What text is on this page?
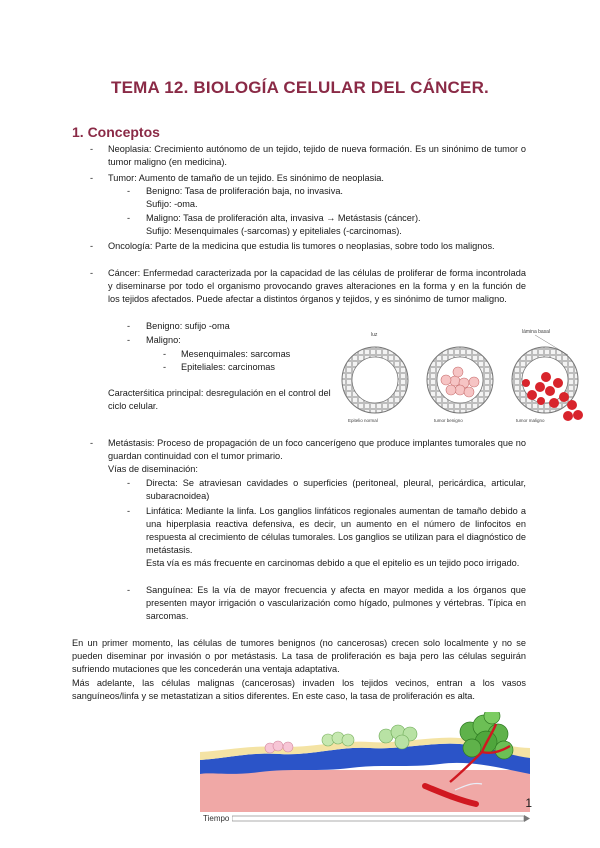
TEMA 12. BIOLOGÍA CELULAR DEL CÁNCER.
1. Conceptos
- Neoplasia: Crecimiento autónomo de un tejido, tejido de nueva formación. Es un sinónimo de tumor o tumor maligno (en medicina).
- Tumor: Aumento de tamaño de un tejido. Es sinónimo de neoplasia.
- Benigno: Tasa de proliferación baja, no invasiva.
Sufijo: -oma.
- Maligno: Tasa de proliferación alta, invasiva → Metástasis (cáncer).
Sufijo: Mesenquimales (-sarcomas) y epiteliales (-carcinomas).
- Oncología: Parte de la medicina que estudia lis tumores o neoplasias, sobre todo los malignos.
- Cáncer: Enfermedad caracterizada por la capacidad de las células de proliferar de forma incontrolada y diseminarse por todo el organismo provocando graves alteraciones en la forma y en la función de los tejidos afectados. Puede afectar a distintos órganos y tejidos, y es sinónimo de tumor maligno.
- Benigno: sufijo -oma
- Maligno:
- Mesenquimales: sarcomas
- Epiteliales: carcinomas
Caracterśitica principal: desregulación en el control del ciclo celular.
luz	lámina basal
Epitelio normal	tumor benigno	tumor maligno
- Metástasis: Proceso de propagación de un foco cancerígeno que produce implantes tumorales que no guardan continuidad con el tumor primario.
Vías de diseminación:
- Directa: Se atraviesan cavidades o superficies (peritoneal, pleural, pericárdica, articular, subaracnoidea)
- Linfática: Mediante la linfa. Los ganglios linfáticos regionales aumentan de tamaño debido a una hiperplasia reactiva defensiva, es decir, un aumento en el número de linfocitos en respuesta al crecimiento de células tumorales. Los ganglios se utilizan para el diagnóstico de metástasis.
Esta vía es más frecuente en carcinomas debido a que el epitelio es un tejido poco irrigado.
- Sanguínea: Es la vía de mayor frecuencia y afecta en mayor medida a los órganos que presenten mayor irrigación o vascularización como hígado, pulmones y vértebras. Típica en sarcomas.
En un primer momento, las células de tumores benignos (no cancerosas) crecen solo localmente y no se pueden diseminar por invasión o por metástasis. La tasa de proliferación es baja pero las células seguirán sufriendo mutaciones que les concederán una ventaja adaptativa.
Más adelante, las células malignas (cancerosas) invaden los tejidos vecinos, entran a los vasos sanguíneos/linfa y se metastatizan a sitios diferentes. En este caso, la tasa de proliferación es alta.
1
Tiempo
